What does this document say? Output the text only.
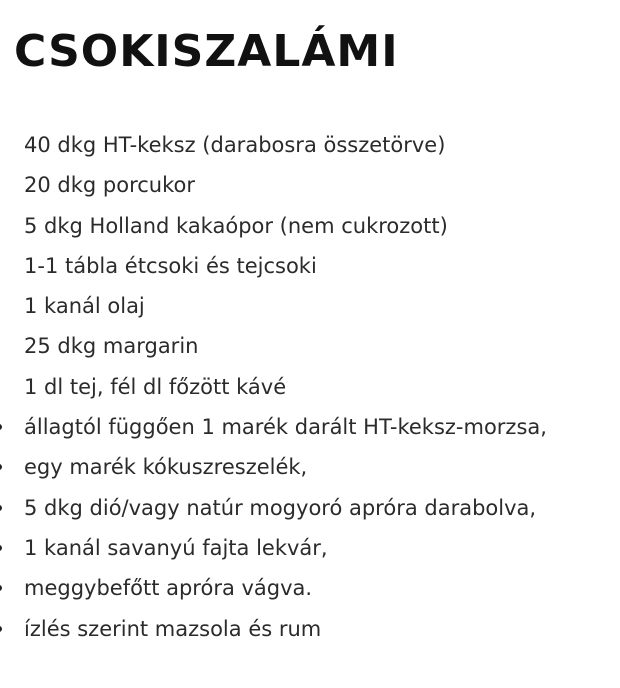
CSOKISZALÁMI
40 dkg HT-keksz (darabosra összetörve)
20 dkg porcukor
5 dkg Holland kakaópor (nem cukrozott)
1-1 tábla étcsoki és tejcsoki
1 kanál olaj
25 dkg margarin
1 dl tej, fél dl főzött kávé
állagtól függően 1 marék darált HT-keksz-morzsa,
egy marék kókuszreszelék,
5 dkg dió/vagy natúr mogyoró apróra darabolva,
1 kanál savanyú fajta lekvár,
meggybefőtt apróra vágva.
ízlés szerint mazsola és rum
